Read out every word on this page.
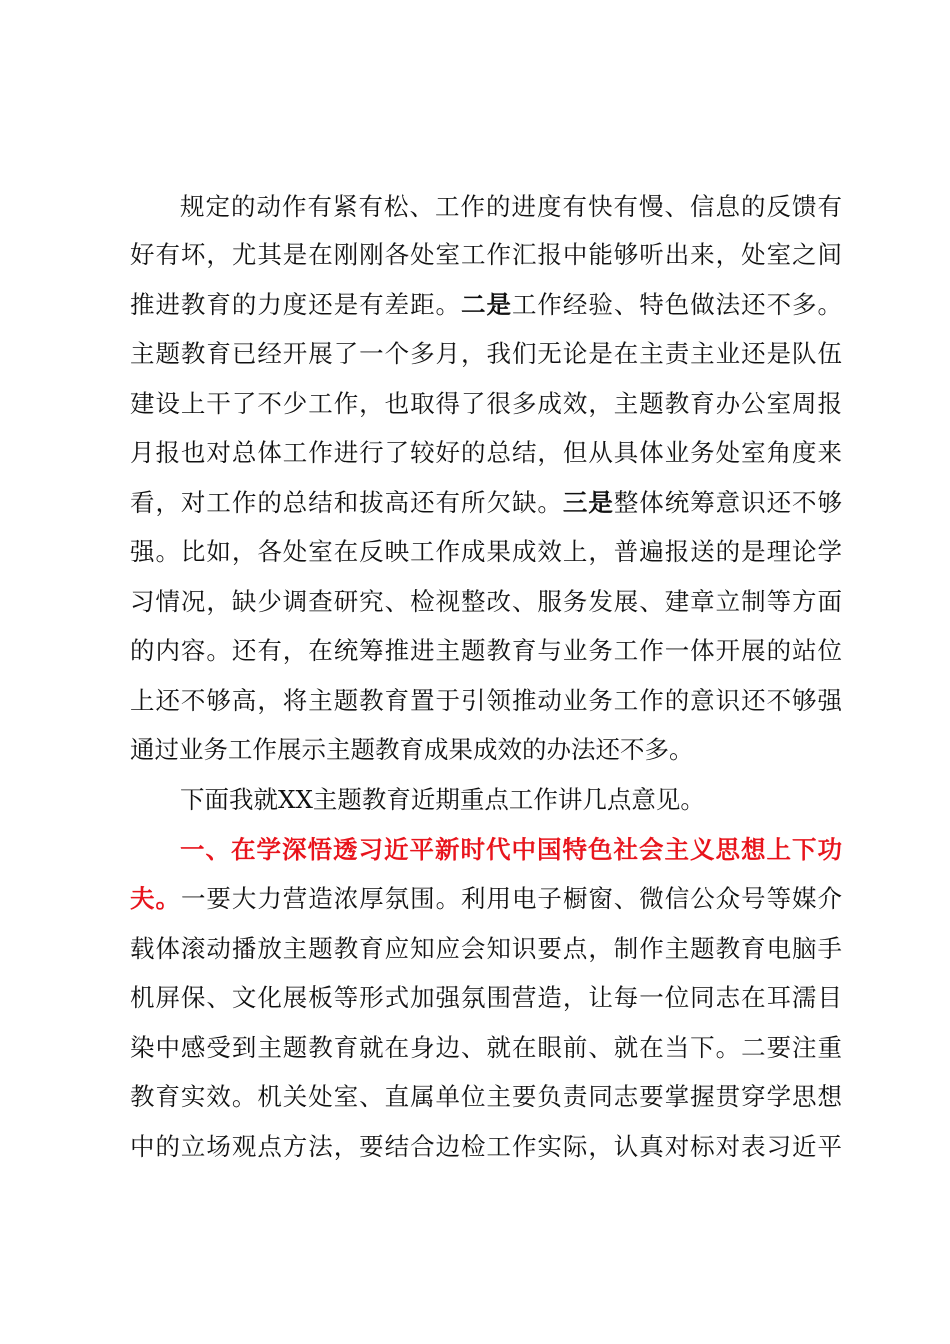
规定的动作有紧有松、工作的进度有快有慢、信息的反馈有
好有坏，尤其是在刚刚各处室工作汇报中能够听出来，处室之间
推进教育的力度还是有差距。二是工作经验、特色做法还不多。
主题教育已经开展了一个多月，我们无论是在主责主业还是队伍
建设上干了不少工作，也取得了很多成效，主题教育办公室周报
月报也对总体工作进行了较好的总结，但从具体业务处室角度来
看，对工作的总结和拔高还有所欠缺。三是整体统筹意识还不够
强。比如，各处室在反映工作成果成效上，普遍报送的是理论学
习情况，缺少调查研究、检视整改、服务发展、建章立制等方面
的内容。还有，在统筹推进主题教育与业务工作一体开展的站位
上还不够高，将主题教育置于引领推动业务工作的意识还不够强
通过业务工作展示主题教育成果成效的办法还不多。
下面我就XX主题教育近期重点工作讲几点意见。
一、在学深悟透习近平新时代中国特色社会主义思想上下功
夫。一要大力营造浓厚氛围。利用电子橱窗、微信公众号等媒介
载体滚动播放主题教育应知应会知识要点，制作主题教育电脑手
机屏保、文化展板等形式加强氛围营造，让每一位同志在耳濡目
染中感受到主题教育就在身边、就在眼前、就在当下。二要注重
教育实效。机关处室、直属单位主要负责同志要掌握贯穿学思想
中的立场观点方法，要结合边检工作实际，认真对标对表习近平
